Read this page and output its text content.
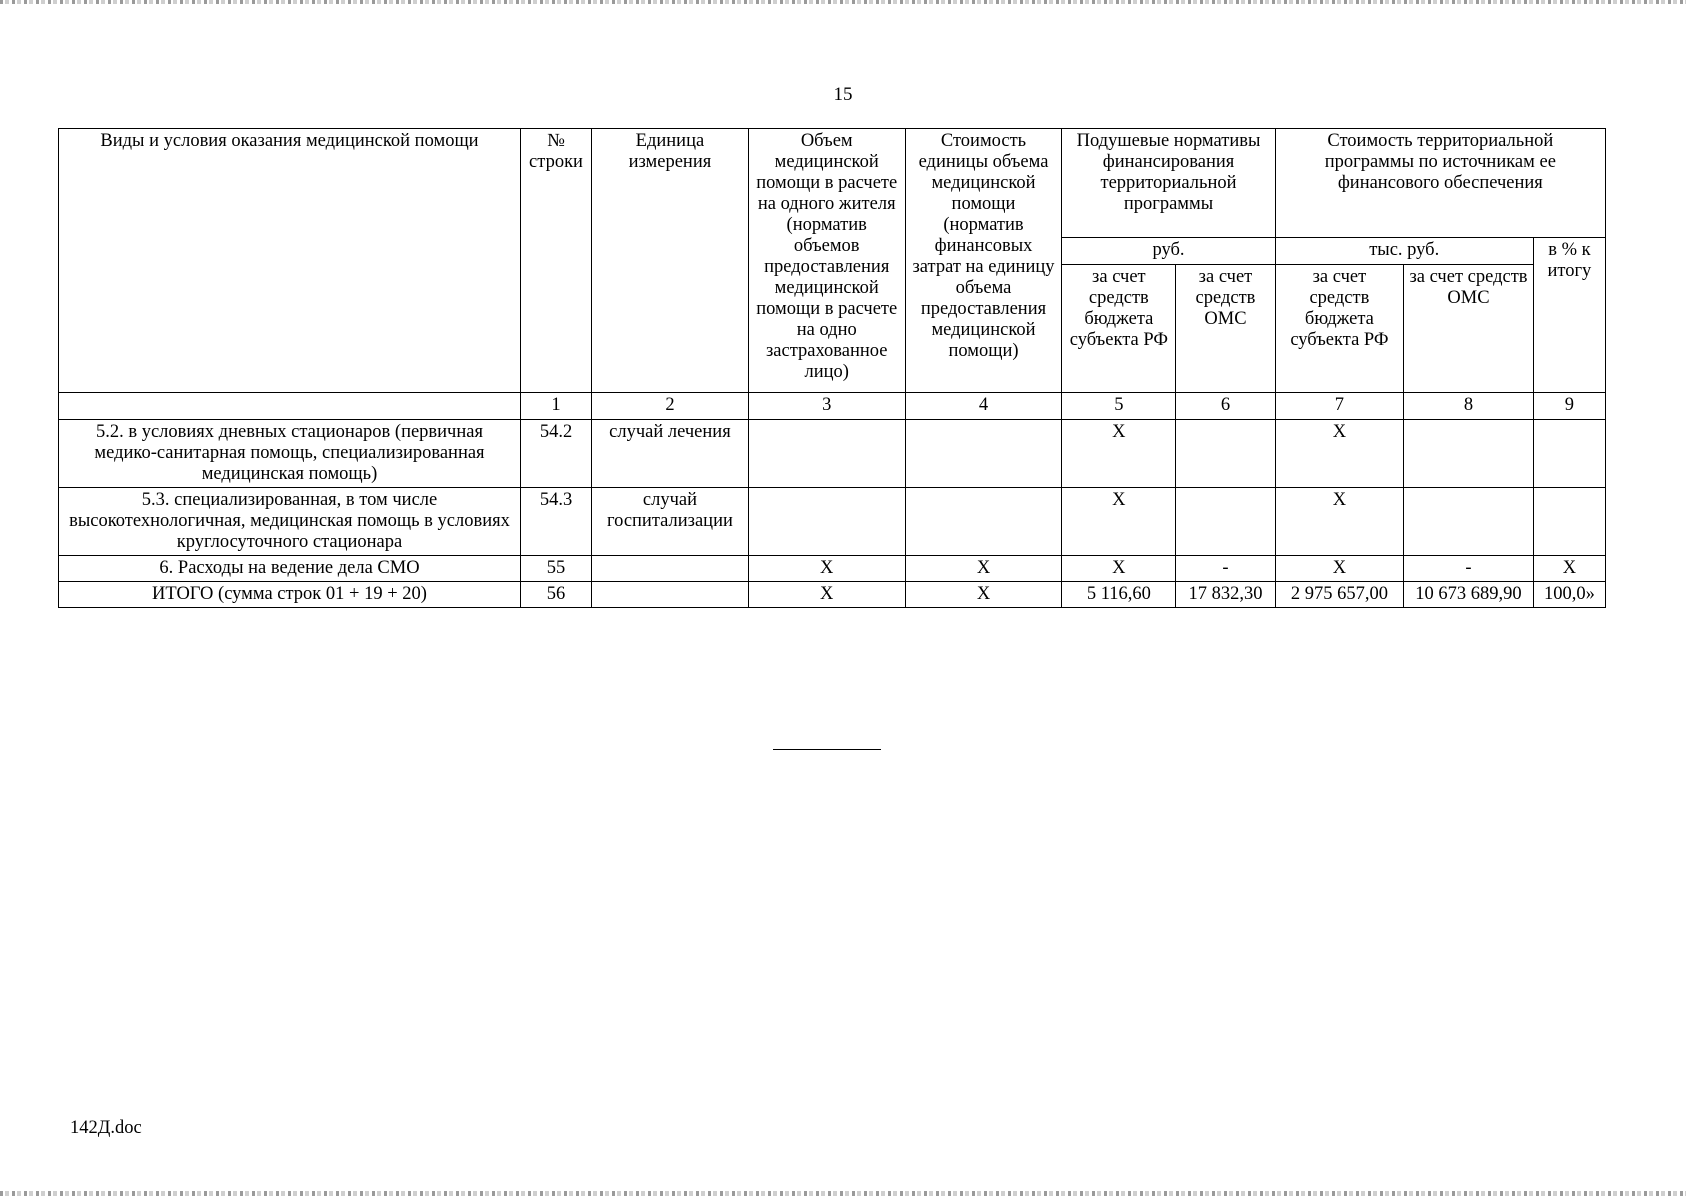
15
Виды и условия оказания медицинской помощи	№ строки	Единица измерения	Объем медицинской помощи в расчете на одного жителя (норматив объемов предоставления медицинской помощи в расчете на одно застрахованное лицо)	Стоимость единицы объема медицинской помощи (норматив финансовых затрат на единицу объема предоставления медицинской помощи)	Подушевые нормативы финансирования территориальной программы		Стоимость территориальной программы по источникам ее финансового обеспечения		
					руб.		тыс. руб.		в % к итогу
					за счет средств бюджета субъекта РФ	за счет средств ОМС	за счет средств бюджета субъекта РФ	за счет средств ОМС	
	1	2	3	4	5	6	7	8	9
5.2. в условиях дневных стационаров (первичная медико-санитарная помощь, специализированная медицинская помощь)	54.2	случай лечения			X		X		
5.3. специализированная, в том числе высокотехнологичная, медицинская помощь в условиях круглосуточного стационара	54.3	случай госпитализации			X		X		
6. Расходы на ведение дела СМО	55		X	X	X	-	X	-	X
ИТОГО (сумма строк 01 + 19 + 20)	56		X	X	5 116,60	17 832,30	2 975 657,00	10 673 689,90	100,0»
142Д.doc
